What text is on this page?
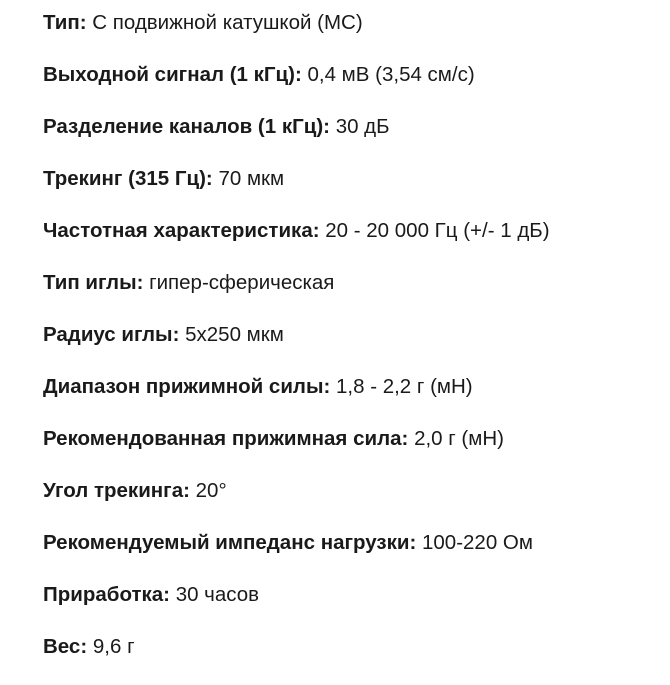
Тип: С подвижной катушкой (MC)
Выходной сигнал (1 кГц): 0,4 мВ (3,54 см/с)
Разделение каналов (1 кГц): 30 дБ
Трекинг (315 Гц): 70 мкм
Частотная характеристика: 20 - 20 000 Гц (+/- 1 дБ)
Тип иглы: гипер-сферическая
Радиус иглы: 5x250 мкм
Диапазон прижимной силы: 1,8 - 2,2 г (мН)
Рекомендованная прижимная сила: 2,0 г (мН)
Угол трекинга: 20°
Рекомендуемый импеданс нагрузки: 100-220 Ом
Приработка: 30 часов
Вес: 9,6 г
